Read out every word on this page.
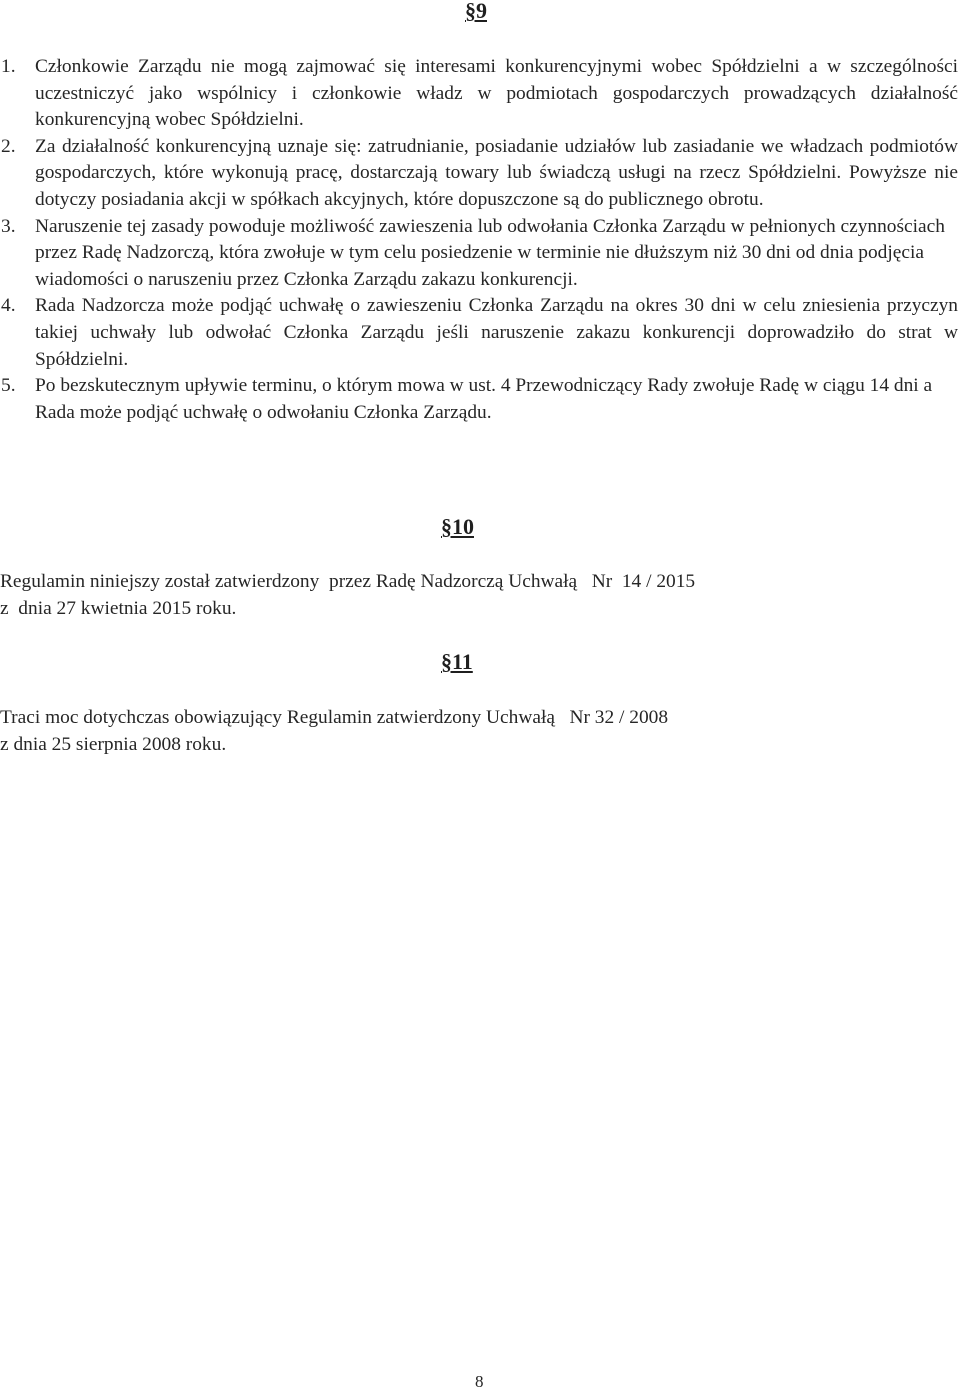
§9
1. Członkowie Zarządu nie mogą zajmować się interesami konkurencyjnymi wobec Spółdzielni a w szczególności uczestniczyć jako wspólnicy i członkowie władz w podmiotach gospodarczych prowadzących działalność konkurencyjną wobec Spółdzielni.
2. Za działalność konkurencyjną uznaje się: zatrudnianie, posiadanie udziałów lub zasiadanie we władzach podmiotów gospodarczych, które wykonują pracę, dostarczają towary lub świadczą usługi na rzecz Spółdzielni. Powyższe nie dotyczy posiadania akcji w spółkach akcyjnych, które dopuszczone są do publicznego obrotu.
3. Naruszenie tej zasady powoduje możliwość zawieszenia lub odwołania Członka Zarządu w pełnionych czynnościach przez Radę Nadzorczą, która zwołuje w tym celu posiedzenie w terminie nie dłuższym niż 30 dni od dnia podjęcia wiadomości o naruszeniu przez Członka Zarządu zakazu konkurencji.
4. Rada Nadzorcza może podjąć uchwałę o zawieszeniu Członka Zarządu na okres 30 dni w celu zniesienia przyczyn takiej uchwały lub odwołać Członka Zarządu jeśli naruszenie zakazu konkurencji doprowadziło do strat w Spółdzielni.
5. Po bezskutecznym upływie terminu, o którym mowa w ust. 4 Przewodniczący Rady zwołuje Radę w ciągu 14 dni a Rada może podjąć uchwałę o odwołaniu Członka Zarządu.
§10
Regulamin niniejszy został zatwierdzony  przez Radę Nadzorczą Uchwałą   Nr  14 / 2015
z  dnia 27 kwietnia 2015 roku.
§11
Traci moc dotychczas obowiązujący Regulamin zatwierdzony Uchwałą   Nr 32 / 2008
z dnia 25 sierpnia 2008 roku.
8
